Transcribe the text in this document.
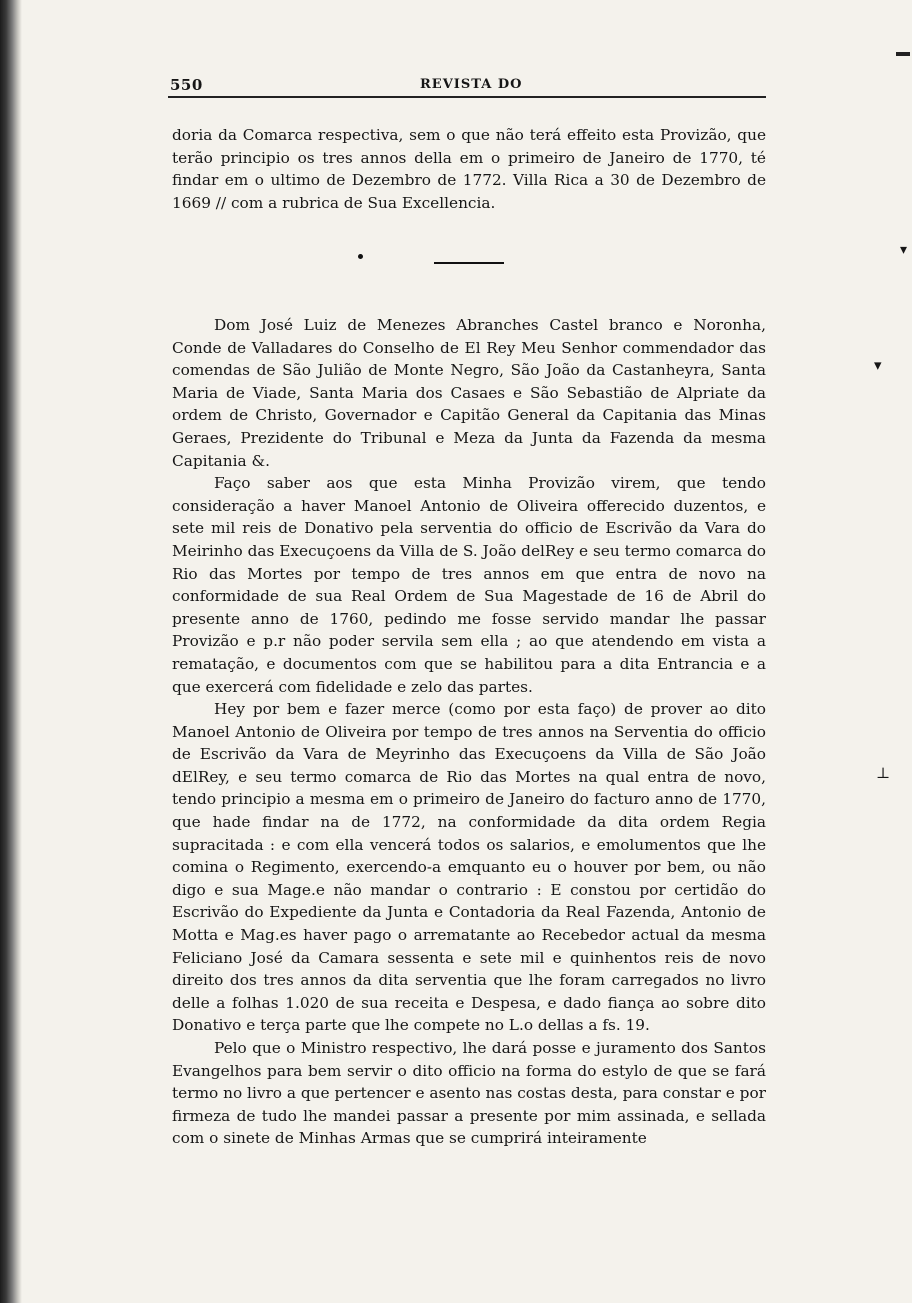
▾
▾
⊥
550	REVISTA DO

doria da Comarca respectiva, sem o que não terá effeito esta Provizão, que terão principio os tres annos della em o primeiro de Janeiro de 1770, té findar em o ultimo de Dezembro de 1772. Villa Rica a 30 de Dezembro de 1669 // com a rubrica de Sua Excellencia.

Dom José Luiz de Menezes Abranches Castel branco e Noronha, Conde de Valladares do Conselho de El Rey Meu Senhor commendador das comendas de São Julião de Monte Negro, São João da Castanheyra, Santa Maria de Viade, Santa Maria dos Casaes e São Sebastião de Alpriate da ordem de Christo, Governador e Capitão General da Capitania das Minas Geraes, Prezidente do Tribunal e Meza da Junta da Fazenda da mesma Capitania &.

Faço saber aos que esta Minha Provizão virem, que tendo consideração a haver Manoel Antonio de Oliveira offerecido duzentos, e sete mil reis de Donativo pela serventia do officio de Escrivão da Vara do Meirinho das Execuçoens da Villa de S. João delRey e seu termo comarca do Rio das Mortes por tempo de tres annos em que entra de novo na conformidade de sua Real Ordem de Sua Magestade de 16 de Abril do presente anno de 1760, pedindo me fosse servido mandar lhe passar Provizão e p.r não poder servila sem ella ; ao que atendendo em vista a rematação, e documentos com que se habilitou para a dita Entrancia e a que exercerá com fidelidade e zelo das partes.

Hey por bem e fazer merce (como por esta faço) de prover ao dito Manoel Antonio de Oliveira por tempo de tres annos na Serventia do officio de Escrivão da Vara de Meyrinho das Execuçoens da Villa de São João dElRey, e seu termo comarca de Rio das Mortes na qual entra de novo, tendo principio a mesma em o primeiro de Janeiro do facturo anno de 1770, que hade findar na de 1772, na conformidade da dita ordem Regia supracitada : e com ella vencerá todos os salarios, e emolumentos que lhe comina o Regimento, exercendo-a emquanto eu o houver por bem, ou não digo e sua Mage.e não mandar o contrario : E constou por certidão do Escrivão do Expediente da Junta e Contadoria da Real Fazenda, Antonio de Motta e Mag.es haver pago o arrematante ao Recebedor actual da mesma Feliciano José da Camara sessenta e sete mil e quinhentos reis de novo direito dos tres annos da dita serventia que lhe foram carregados no livro delle a folhas 1.020 de sua receita e Despesa, e dado fiança ao sobre dito Donativo e terça parte que lhe compete no L.o dellas a fs. 19.

Pelo que o Ministro respectivo, lhe dará posse e juramento dos Santos Evangelhos para bem servir o dito officio na forma do estylo de que se fará termo no livro a que pertencer e asento nas costas desta, para constar e por firmeza de tudo lhe mandei passar a presente por mim assinada, e sellada com o sinete de Minhas Armas que se cumprirá inteiramente
